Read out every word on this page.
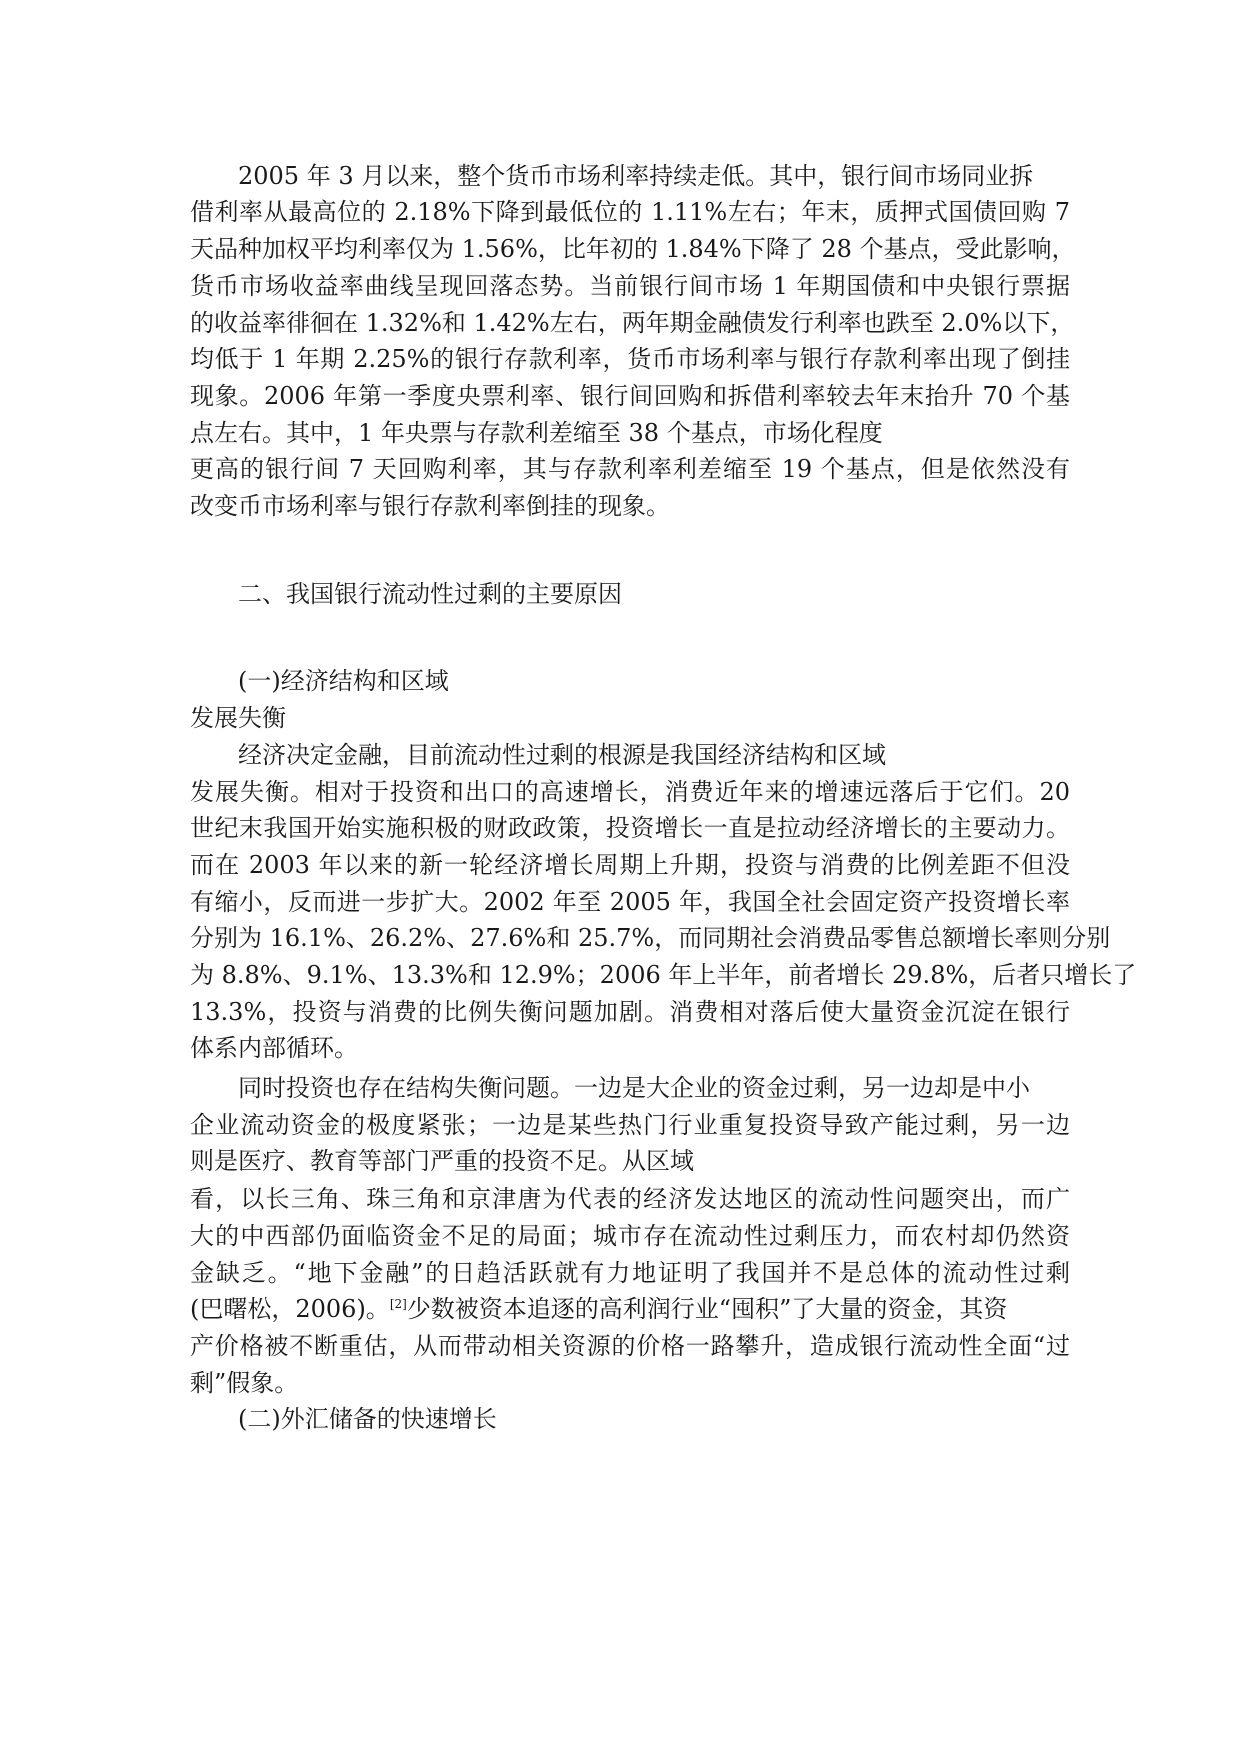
2005 年 3 月以来，整个货币市场利率持续走低。其中，银行间市场同业拆
借利率从最高位的 2.18%下降到最低位的 1.11%左右；年末，质押式国债回购 7
天品种加权平均利率仅为 1.56%，比年初的 1.84%下降了 28 个基点，受此影响，
货币市场收益率曲线呈现回落态势。当前银行间市场 1 年期国债和中央银行票据
的收益率徘徊在 1.32%和 1.42%左右，两年期金融债发行利率也跌至 2.0%以下，
均低于 1 年期 2.25%的银行存款利率，货币市场利率与银行存款利率出现了倒挂
现象。2006 年第一季度央票利率、银行间回购和拆借利率较去年末抬升 70 个基
点左右。其中，1 年央票与存款利差缩至 38 个基点，市场化程度
更高的银行间 7 天回购利率，其与存款利率利差缩至 19 个基点，但是依然没有
改变币市场利率与银行存款利率倒挂的现象。
二、我国银行流动性过剩的主要原因
(一)经济结构和区域
发展失衡
经济决定金融，目前流动性过剩的根源是我国经济结构和区域
发展失衡。相对于投资和出口的高速增长，消费近年来的增速远落后于它们。20
世纪末我国开始实施积极的财政政策，投资增长一直是拉动经济增长的主要动力。
而在 2003 年以来的新一轮经济增长周期上升期，投资与消费的比例差距不但没
有缩小，反而进一步扩大。2002 年至 2005 年，我国全社会固定资产投资增长率
分别为 16.1%、26.2%、27.6%和 25.7%，而同期社会消费品零售总额增长率则分别
为 8.8%、9.1%、13.3%和 12.9%；2006 年上半年，前者增长 29.8%，后者只增长了
13.3%，投资与消费的比例失衡问题加剧。消费相对落后使大量资金沉淀在银行
体系内部循环。
同时投资也存在结构失衡问题。一边是大企业的资金过剩，另一边却是中小
企业流动资金的极度紧张；一边是某些热门行业重复投资导致产能过剩，另一边
则是医疗、教育等部门严重的投资不足。从区域
看，以长三角、珠三角和京津唐为代表的经济发达地区的流动性问题突出，而广
大的中西部仍面临资金不足的局面；城市存在流动性过剩压力，而农村却仍然资
金缺乏。“地下金融”的日趋活跃就有力地证明了我国并不是总体的流动性过剩
(巴曙松，2006)。[2]少数被资本追逐的高利润行业“囤积”了大量的资金，其资
产价格被不断重估，从而带动相关资源的价格一路攀升，造成银行流动性全面“过
剩”假象。
(二)外汇储备的快速增长
